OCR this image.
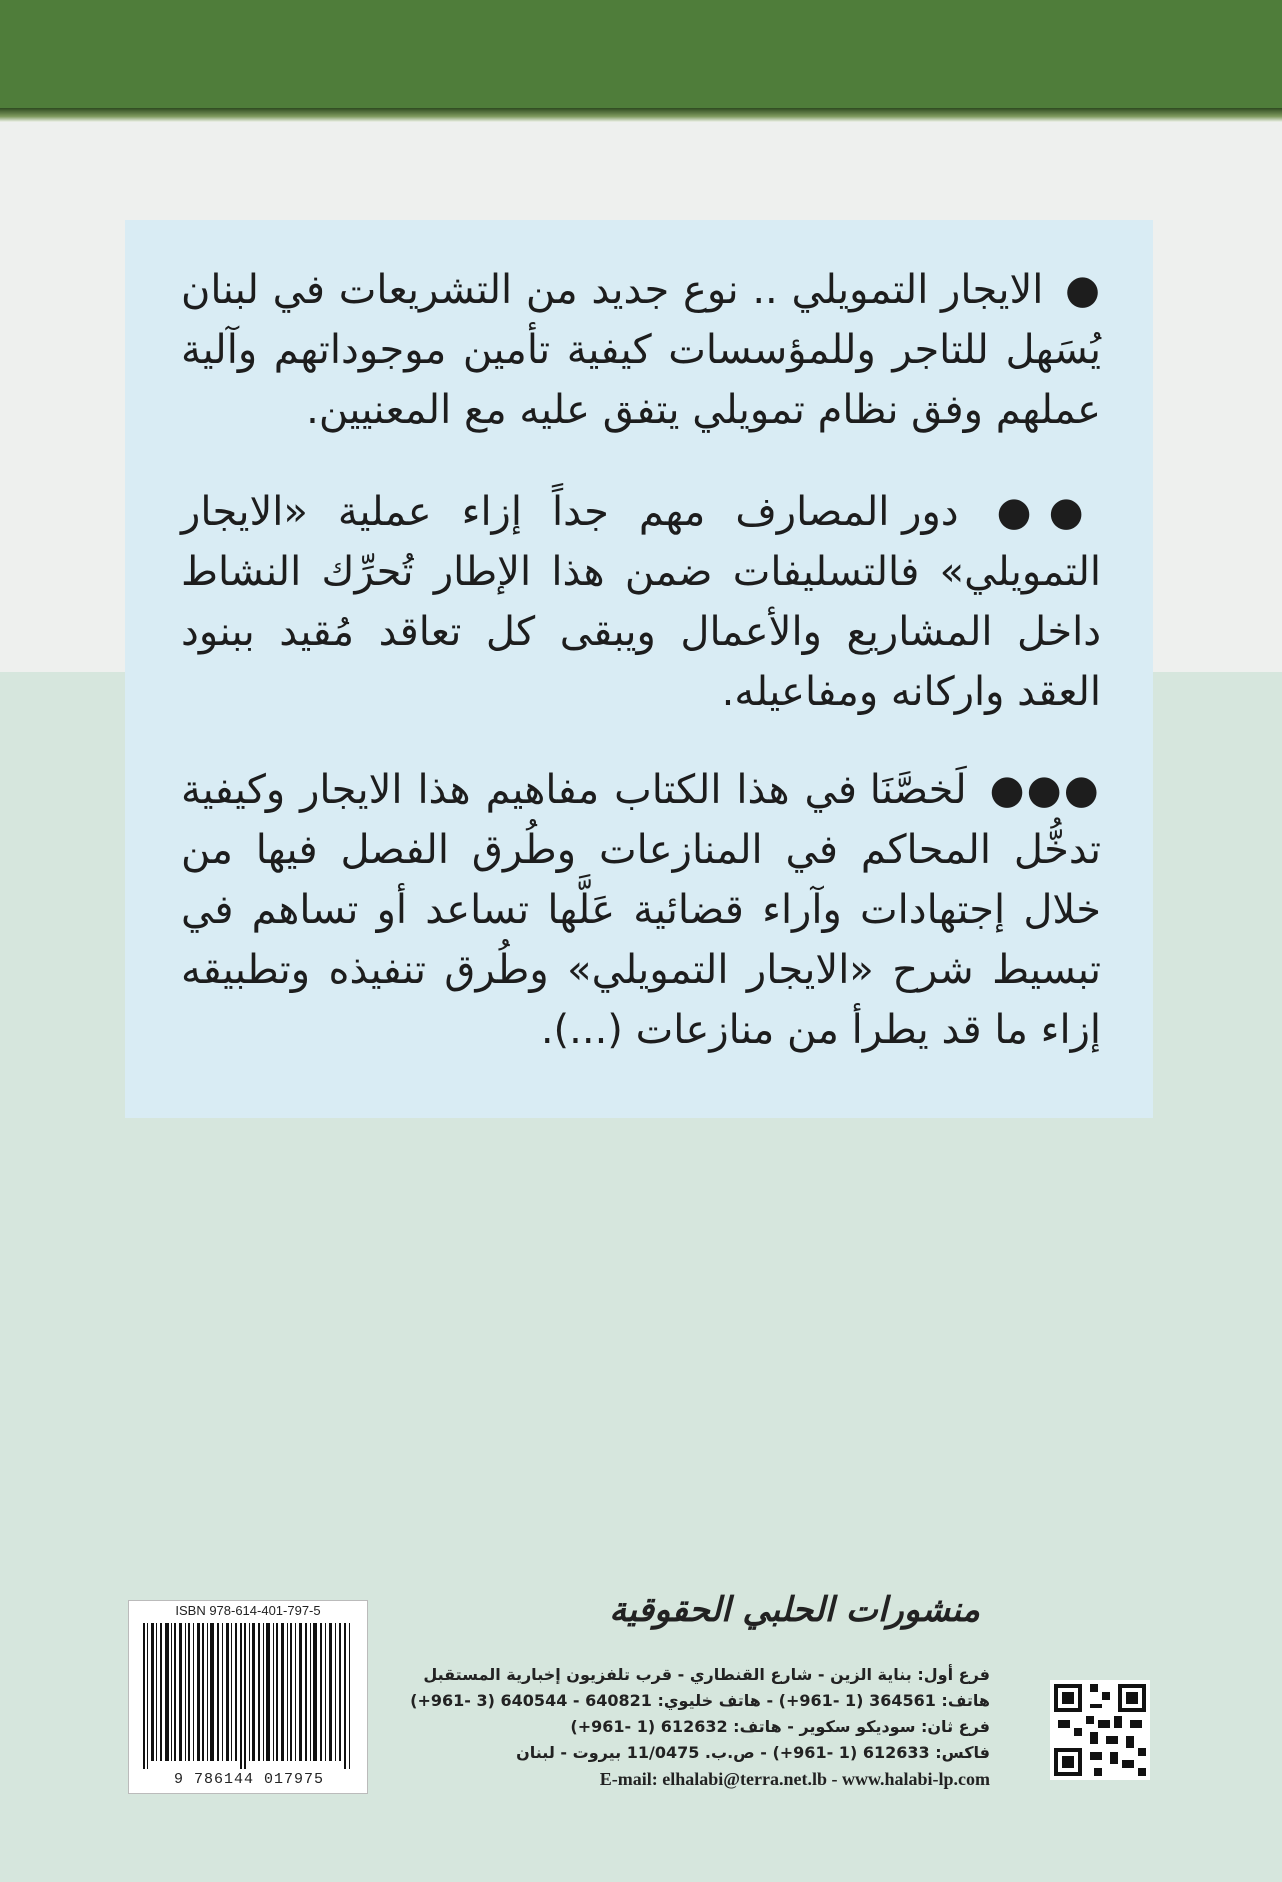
● الايجار التمويلي .. نوع جديد من التشريعات في لبنان يُسَهل للتاجر وللمؤسسات كيفية تأمين موجوداتهم وآلية عملهم وفق نظام تمويلي يتفق عليه مع المعنيين.
●● دور المصارف مهم جداً إزاء عملية «الايجار التمويلي» فالتسليفات ضمن هذا الإطار تُحرِّك النشاط داخل المشاريع والأعمال ويبقى كل تعاقد مُقيد ببنود العقد واركانه ومفاعيله.
●●● لَخصَّنَا في هذا الكتاب مفاهيم هذا الايجار وكيفية تدخُّل المحاكم في المنازعات وطُرق الفصل فيها من خلال إجتهادات وآراء قضائية عَلَّها تساعد أو تساهم في تبسيط شرح «الايجار التمويلي» وطُرق تنفيذه وتطبيقه إزاء ما قد يطرأ من منازعات (...).
ISBN 978-614-401-797-5
9 786144 017975
منشورات الحلبي الحقوقية
فرع أول: بناية الزين - شارع القنطاري - قرب تلفزيون إخبارية المستقبل
هاتف: 364561 (1 -961+) - هاتف خليوي: 640821 - 640544 (3 -961+)
فرع ثان: سوديكو سكوير - هاتف: 612632 (1 -961+)
فاكس: 612633 (1 -961+) - ص.ب. 11/0475 بيروت - لبنان
E-mail: elhalabi@terra.net.lb - www.halabi-lp.com
